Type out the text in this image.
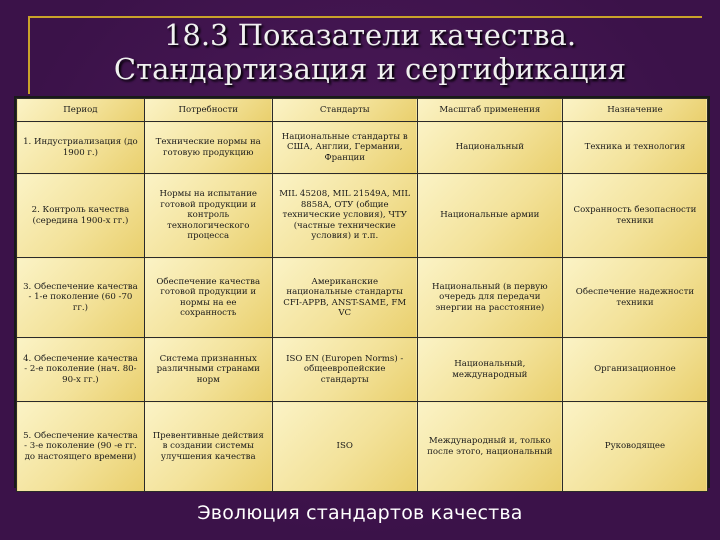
18.3 Показатели качества.
Стандартизация и сертификация
Период	Потребности	Стандарты	Масштаб применения	Назначение
1. Индустриализация (до 1900 г.)	Технические нормы на готовую продукцию	Национальные стандарты в США, Англии, Германии, Франции	Национальный	Техника и технология
2. Контроль качества (середина 1900-х гг.)	Нормы на испытание готовой продукции и контроль технологического процесса	MIL 45208, MIL 21549A, MIL 8858A, ОТУ (общие технические условия), ЧТУ (частные технические условия) и т.п.	Национальные армии	Сохранность безопасности техники
3. Обеспечение качества - 1-е поколение (60 -70 гг.)	Обеспечение качества готовой продукции и нормы на ее сохранность	Американские национальные стандарты CFI-APPB, ANST-SAME, FM VC	Национальный (в первую очередь для передачи энергии на расстояние)	Обеспечение надежности техники
4. Обеспечение качества - 2-е поколение (нач. 80-90-х гг.)	Система признанных различными странами норм	ISO EN (Europen Norms) - общеевропейские стандарты	Национальный, международный	Организационное
5. Обеспечение качества - 3-е поколение (90 -е гг. до настоящего времени)	Превентивные действия в создании системы улучшения качества	ISO	Международный и, только после этого, национальный	Руководящее
Эволюция стандартов качества
